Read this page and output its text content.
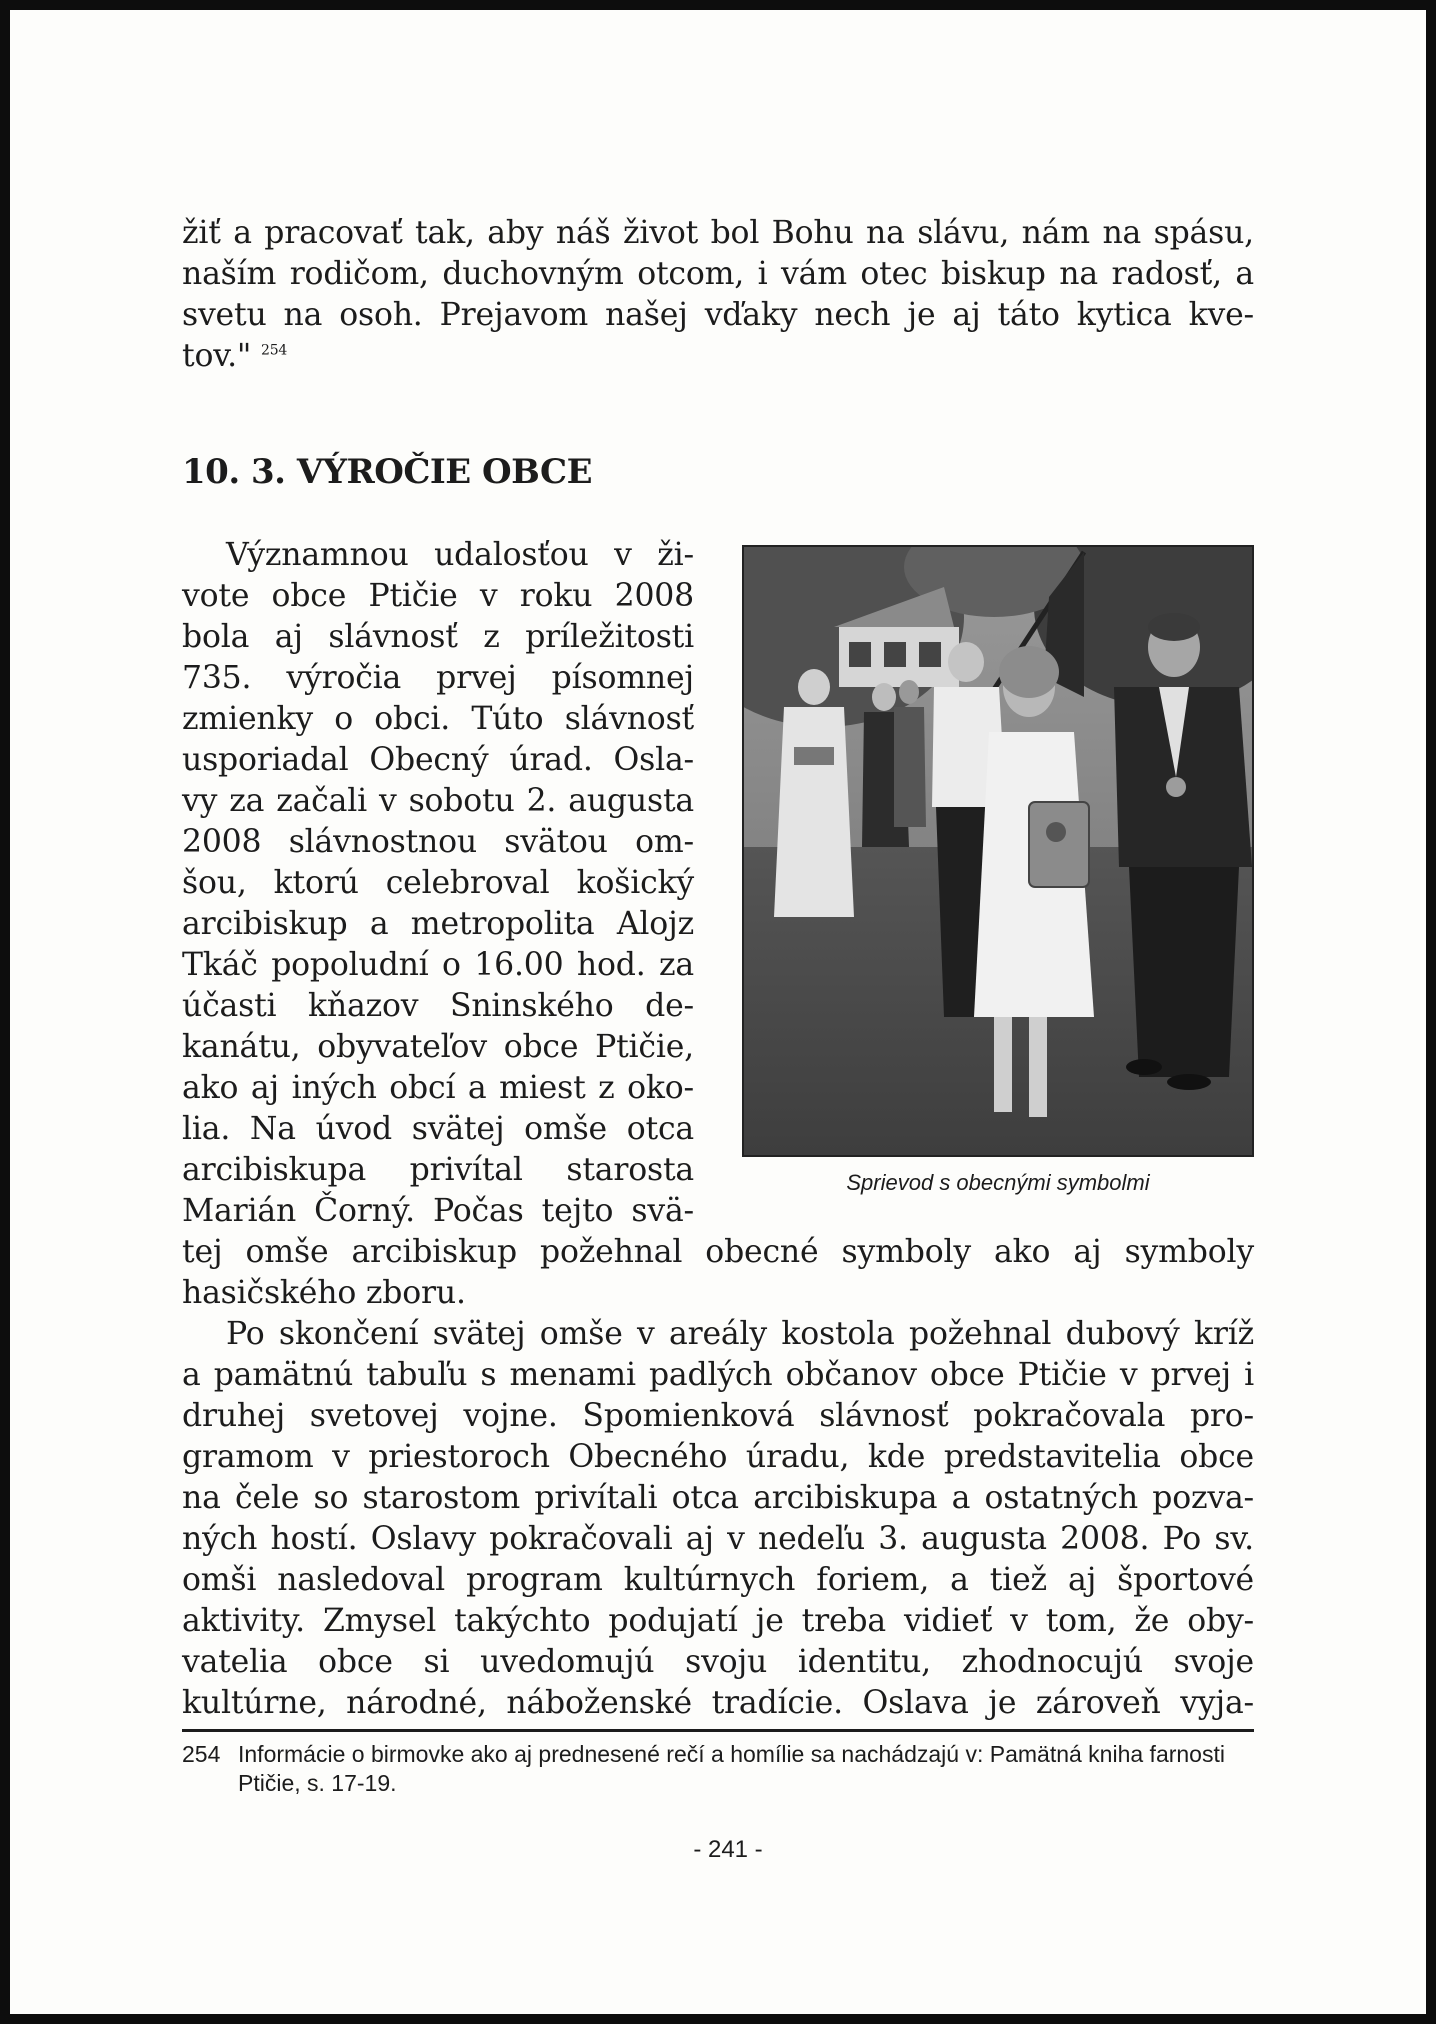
žiť a pracovať tak, aby náš život bol Bohu na slávu, nám na spásu,
naším rodičom, duchovným otcom, i vám otec biskup na radosť, a
svetu na osoh. Prejavom našej vďaky nech je aj táto kytica kve-
tov." $^{254}$
10. 3. VÝROČIE OBCE
Významnou udalosťou v ži-
vote obce Ptičie v roku 2008
bola aj slávnosť z príležitosti
735. výročia prvej písomnej
zmienky o obci. Túto slávnosť
usporiadal Obecný úrad. Osla-
vy za začali v sobotu 2. augusta
2008 slávnostnou svätou om-
šou, ktorú celebroval košický
arcibiskup a metropolita Alojz
Tkáč popoludní o 16.00 hod. za
účasti kňazov Sninského de-
kanátu, obyvateľov obce Ptičie,
ako aj iných obcí a miest z oko-
lia. Na úvod svätej omše otca
arcibiskupa privítal starosta
Marián Čorný. Počas tejto svä-
tej omše arcibiskup požehnal obecné symboly ako aj symboly
hasičského zboru.
Po skončení svätej omše v areály kostola požehnal dubový kríž
a pamätnú tabuľu s menami padlých občanov obce Ptičie v prvej i
druhej svetovej vojne. Spomienková slávnosť pokračovala pro-
gramom v priestoroch Obecného úradu, kde predstavitelia obce
na čele so starostom privítali otca arcibiskupa a ostatných pozva-
ných hostí. Oslavy pokračovali aj v nedeľu 3. augusta 2008. Po sv.
omši nasledoval program kultúrnych foriem, a tiež aj športové
aktivity. Zmysel takýchto podujatí je treba vidieť v tom, že oby-
vatelia obce si uvedomujú svoju identitu, zhodnocujú svoje
kultúrne, národné, náboženské tradície. Oslava je zároveň vyja-
Sprievod s obecnými symbolmi
254 Informácie o birmovke ako aj prednesené rečí a homílie sa nachádzajú v: Pamätná kniha farnosti Ptičie, s. 17-19.
- 241 -
